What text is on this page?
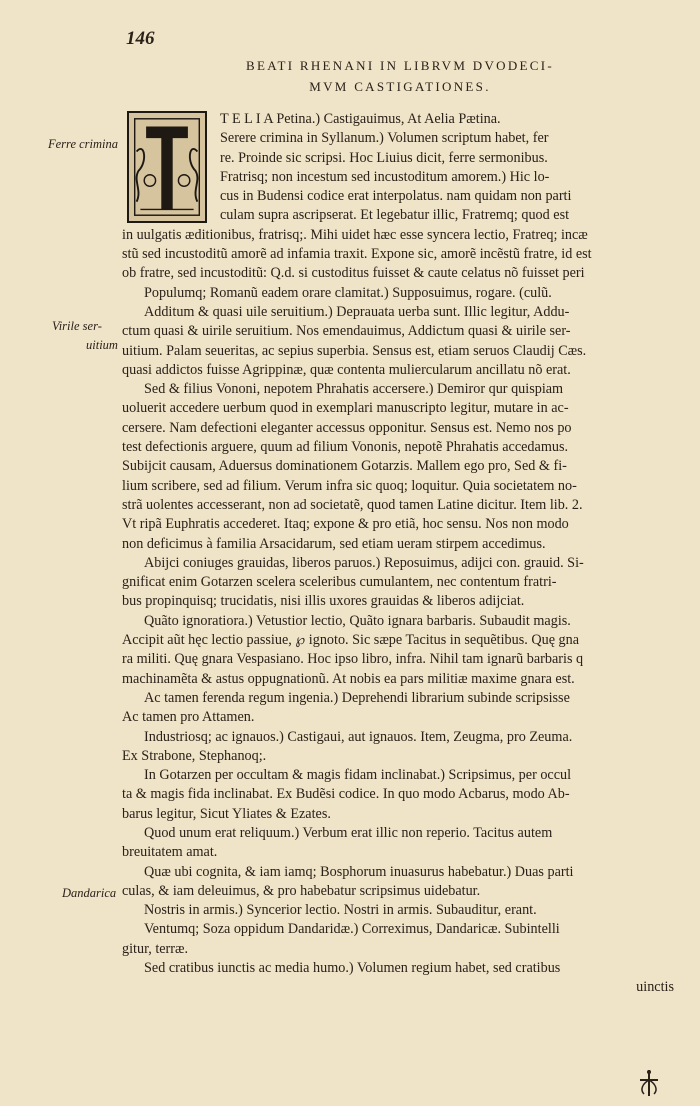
146
BEATI RHENANI IN LIBRVM DVODECI-
MVM CASTIGATIONES.
Ferre crimina
Virile ser-
uitium
Dandarica
T E L I A Petina.) Castigauimus, At Aelia Pætina.
Serere crimina in Syllanum.) Volumen scriptum habet, fer
re. Proinde sic scripsi. Hoc Liuius dicit, ferre sermonibus.
Fratrisq; non incestum sed incustoditum amorem.) Hic lo-
cus in Budensi codice erat interpolatus. nam quidam non parti
culam supra ascripserat. Et legebatur illic, Fratremq; quod est
in uulgatis æditionibus, fratrisq;. Mihi uidet hæc esse syncera lectio, Fratreq; incæ
stũ sed incustoditũ amorẽ ad infamia traxit. Expone sic, amorẽ incẽstũ fratre, id est
ob fratre, sed incustoditũ: Q.d. si custoditus fuisset & caute celatus nõ fuisset peri
Populumq; Romanũ eadem orare clamitat.) Supposuimus, rogare. (culũ.
Additum & quasi uile seruitium.) Deprauata uerba sunt. Illic legitur, Addu-
ctum quasi & uirile seruitium. Nos emendauimus, Addictum quasi & uirile ser-
uitium. Palam seueritas, ac sepius superbia. Sensus est, etiam seruos Claudij Cæs.
quasi addictos fuisse Agrippinæ, quæ contenta muliercularum ancillatu nõ erat.
Sed & filius Vononi, nepotem Phrahatis accersere.) Demiror qur quispiam
uoluerit accedere uerbum quod in exemplari manuscripto legitur, mutare in ac-
cersere. Nam defectioni eleganter accessus opponitur. Sensus est. Nemo nos po
test defectionis arguere, quum ad filium Vononis, nepotẽ Phrahatis accedamus.
Subijcit causam, Aduersus dominationem Gotarzis. Mallem ego pro, Sed & fi-
lium scribere, sed ad filium. Verum infra sic quoq; loquitur. Quia societatem no-
strã uolentes accesserant, non ad societatẽ, quod tamen Latine dicitur. Item lib. 2.
Vt ripã Euphratis accederet. Itaq; expone & pro etiã, hoc sensu. Nos non modo
non deficimus à familia Arsacidarum, sed etiam ueram stirpem accedimus.
Abijci coniuges grauidas, liberos paruos.) Reposuimus, adijci con. grauid. Si-
gnificat enim Gotarzen scelera sceleribus cumulantem, nec contentum fratri-
bus propinquisq; trucidatis, nisi illis uxores grauidas & liberos adijciat.
Quãto ignoratiora.) Vetustior lectio, Quãto ignara barbaris. Subaudit magis.
Accipit aũt hęc lectio passiue, ℘ ignoto. Sic sæpe Tacitus in sequẽtibus. Quę gna
ra militi. Quę gnara Vespasiano. Hoc ipso libro, infra. Nihil tam ignarũ barbaris q
machinamẽta & astus oppugnationũ. At nobis ea pars militiæ maxime gnara est.
Ac tamen ferenda regum ingenia.) Deprehendi librarium subinde scripsisse
Ac tamen pro Attamen.
Industriosq; ac ignauos.) Castigaui, aut ignauos. Item, Zeugma, pro Zeuma.
Ex Strabone, Stephanoq;.
In Gotarzen per occultam & magis fidam inclinabat.) Scripsimus, per occul
ta & magis fida inclinabat. Ex Budẽsi codice. In quo modo Acbarus, modo Ab-
barus legitur, Sicut Yliates & Ezates.
Quod unum erat reliquum.) Verbum erat illic non reperio. Tacitus autem
breuitatem amat.
Quæ ubi cognita, & iam iamq; Bosphorum inuasurus habebatur.) Duas parti
culas, & iam deleuimus, & pro habebatur scripsimus uidebatur.
Nostris in armis.) Syncerior lectio. Nostri in armis. Subauditur, erant.
Ventumq; Soza oppidum Dandaridæ.) Correximus, Dandaricæ. Subintelli
gitur, terræ.
Sed cratibus iunctis ac media humo.) Volumen regium habet, sed cratibus
uinctis
